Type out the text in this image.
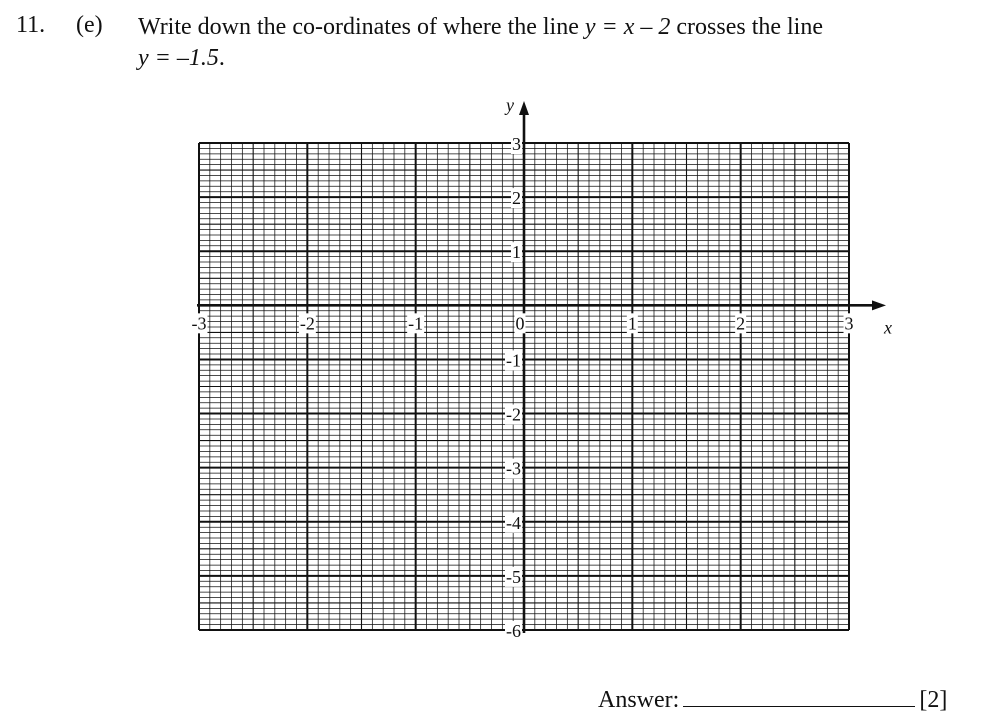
11. (e) Write down the co-ordinates of where the line y = x – 2 crosses the line
y = –1.5.
-3	-2	-1	1	2	3
0
3
2
1
-1
-2
-3
-4
-5
-6
x
y
Answer:	[2]
